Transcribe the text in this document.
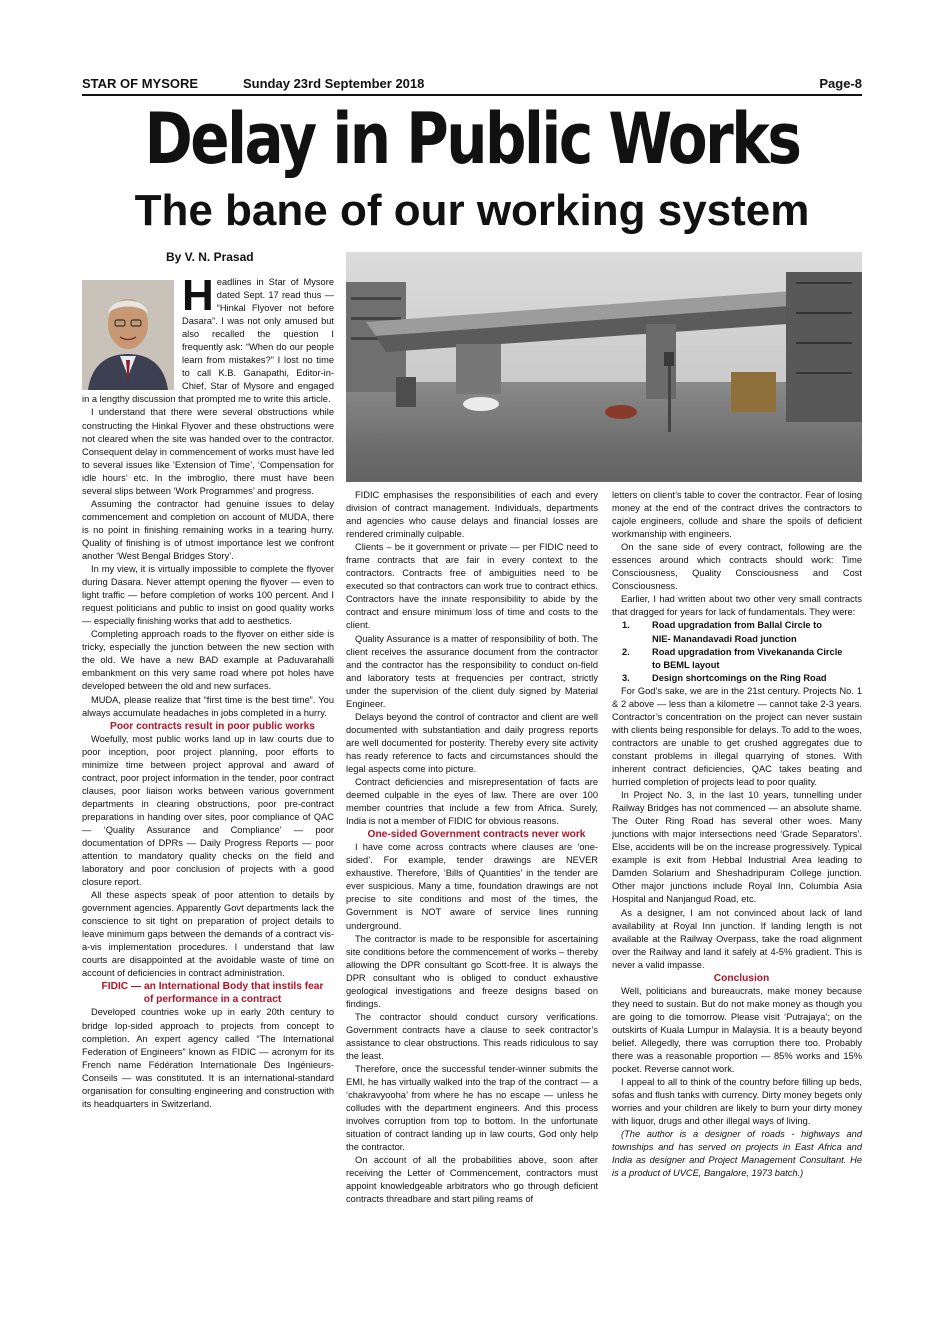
STAR OF MYSORE	Sunday 23rd September 2018	Page-8
Delay in Public Works
The bane of our working system
By V. N. Prasad

Headlines in Star of Mysore dated Sept. 17 read thus — “Hinkal Flyover not before Dasara”. I was not only amused but also recalled the question I frequently ask: “When do our people learn from mistakes?” I lost no time to call K.B. Ganapathi, Editor-in-Chief, Star of Mysore and engaged in a lengthy discussion that prompted me to write this article.

I understand that there were several obstructions while constructing the Hinkal Flyover and these obstructions were not cleared when the site was handed over to the contractor. Consequent delay in commencement of works must have led to several issues like ‘Extension of Time’, ‘Compensation for idle hours’ etc. In the imbroglio, there must have been several slips between ‘Work Programmes’ and progress.

Assuming the contractor had genuine issues to delay commencement and completion on account of MUDA, there is no point in finishing remaining works in a tearing hurry. Quality of finishing is of utmost importance lest we confront another ‘West Bengal Bridges Story’.

In my view, it is virtually impossible to complete the flyover during Dasara. Never attempt opening the flyover — even to light traffic — before completion of works 100 percent. And I request politicians and public to insist on good quality works — especially finishing works that add to aesthetics.

Completing approach roads to the flyover on either side is tricky, especially the junction between the new section with the old. We have a new BAD example at Paduvarahalli embankment on this very same road where pot holes have developed between the old and new surfaces.

MUDA, please realize that “first time is the best time”. You always accumulate headaches in jobs completed in a hurry.

Poor contracts result in poor public works

Woefully, most public works land up in law courts due to poor inception, poor project planning, poor efforts to minimize time between project approval and award of contract, poor project information in the tender, poor contract clauses, poor liaison works between various government departments in clearing obstructions, poor pre-contract preparations in handing over sites, poor compliance of QAC — ‘Quality Assurance and Compliance’ — poor documentation of DPRs — Daily Progress Reports — poor attention to mandatory quality checks on the field and laboratory and poor conclusion of projects with a good closure report.

All these aspects speak of poor attention to details by government agencies. Apparently Govt departments lack the conscience to sit tight on preparation of project details to leave minimum gaps between the demands of a contract vis-a-vis implementation procedures. I understand that law courts are disappointed at the avoidable waste of time on account of deficiencies in contract administration.

FIDIC — an International Body that instils fear

of performance in a contract

Developed countries woke up in early 20th century to bridge lop-sided approach to projects from concept to completion. An expert agency called “The International Federation of Engineers” known as FIDIC — acronym for its French name Fédération Internationale Des Ingénieurs-Conseils — was constituted. It is an international-standard organisation for consulting engineering and construction with its headquarters in Switzerland.

FIDIC emphasises the responsibilities of each and every division of contract management. Individuals, departments and agencies who cause delays and financial losses are rendered criminally culpable.

Clients – be it government or private — per FIDIC need to frame contracts that are fair in every context to the contractors. Contracts free of ambiguities need to be executed so that contractors can work true to contract ethics. Contractors have the innate responsibility to abide by the contract and ensure minimum loss of time and costs to the client.

Quality Assurance is a matter of responsibility of both. The client receives the assurance document from the contractor and the contractor has the responsibility to conduct on-field and laboratory tests at frequencies per contract, strictly under the supervision of the client duly signed by Material Engineer.

Delays beyond the control of contractor and client are well documented with substantiation and daily progress reports are well documented for posterity. Thereby every site activity has ready reference to facts and circumstances should the legal aspects come into picture.

Contract deficiencies and misrepresentation of facts are deemed culpable in the eyes of law. There are over 100 member countries that include a few from Africa. Surely, India is not a member of FIDIC for obvious reasons.

One-sided Government contracts never work

I have come across contracts where clauses are ‘one-sided’. For example, tender drawings are NEVER exhaustive. Therefore, ‘Bills of Quantities’ in the tender are ever suspicious. Many a time, foundation drawings are not precise to site conditions and most of the times, the Government is NOT aware of service lines running underground.

The contractor is made to be responsible for ascertaining site conditions before the commencement of works – thereby allowing the DPR consultant go Scott-free. It is always the DPR consultant who is obliged to conduct exhaustive geological investigations and freeze designs based on findings.

The contractor should conduct cursory verifications. Government contracts have a clause to seek contractor’s assistance to clear obstructions. This reads ridiculous to say the least.

Therefore, once the successful tender-winner submits the EMI, he has virtually walked into the trap of the contract — a ‘chakravyooha’ from where he has no escape — unless he colludes with the department engineers. And this process involves corruption from top to bottom. In the unfortunate situation of contract landing up in law courts, God only help the contractor.

On account of all the probabilities above, soon after receiving the Letter of Commencement, contractors must appoint knowledgeable arbitrators who go through deficient contracts threadbare and start piling reams of

letters on client’s table to cover the contractor. Fear of losing money at the end of the contract drives the contractors to cajole engineers, collude and share the spoils of deficient workmanship with engineers.

On the sane side of every contract, following are the essences around which contracts should work: Time Consciousness, Quality Consciousness and Cost Consciousness.

Earlier, I had written about two other very small contracts that dragged for years for lack of fundamentals. They were:

1.	Road upgradation from Ballal Circle to
NIE- Manandavadi Road junction
2.	Road upgradation from Vivekananda Circle
to BEML layout
3.	Design shortcomings on the Ring Road

For God’s sake, we are in the 21st century. Projects No. 1 & 2 above — less than a kilometre — cannot take 2-3 years. Contractor’s concentration on the project can never sustain with clients being responsible for delays. To add to the woes, contractors are unable to get crushed aggregates due to constant problems in illegal quarrying of stones. With inherent contract deficiencies, QAC takes beating and hurried completion of projects lead to poor quality.

In Project No. 3, in the last 10 years, tunnelling under Railway Bridges has not commenced — an absolute shame. The Outer Ring Road has several other woes. Many junctions with major intersections need ‘Grade Separators’. Else, accidents will be on the increase progressively. Typical example is exit from Hebbal Industrial Area leading to Damden Solarium and Sheshadripuram College junction. Other major junctions include Royal Inn, Columbia Asia Hospital and Nanjangud Road, etc.

As a designer, I am not convinced about lack of land availability at Royal Inn junction. If landing length is not available at the Railway Overpass, take the road alignment over the Railway and land it safely at 4-5% gradient. This is never a valid impasse.

Conclusion

Well, politicians and bureaucrats, make money because they need to sustain. But do not make money as though you are going to die tomorrow. Please visit ‘Putrajaya’; on the outskirts of Kuala Lumpur in Malaysia. It is a beauty beyond belief. Allegedly, there was corruption there too. Probably there was a reasonable proportion — 85% works and 15% pocket. Reverse cannot work.

I appeal to all to think of the country before filling up beds, sofas and flush tanks with currency. Dirty money begets only worries and your children are likely to burn your dirty money with liquor, drugs and other illegal ways of living.

(The author is a designer of roads - highways and townships and has served on projects in East Africa and India as designer and Project Management Consultant. He is a product of UVCE, Bangalore, 1973 batch.)
